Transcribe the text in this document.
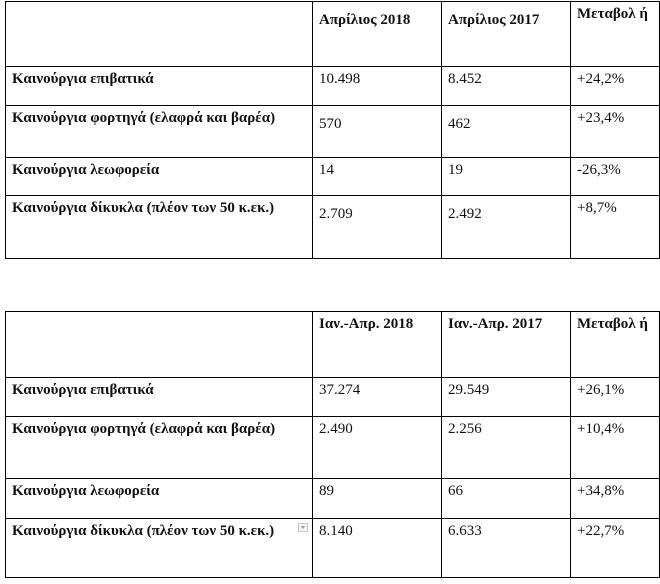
	Απρίλιος 2018	Απρίλιος 2017	Μεταβολ ή
Καινούργια επιβατικά	10.498	8.452	+24,2%
Καινούργια φορτηγά (ελαφρά και βαρέα)	570	462	+23,4%
Καινούργια λεωφορεία	14	19	-26,3%
Καινούργια δίκυκλα (πλέον των 50 κ.εκ.)	2.709	2.492	+8,7%
	Ιαν.-Απρ. 2018	Ιαν.-Απρ. 2017	Μεταβολ ή
Καινούργια επιβατικά	37.274	29.549	+26,1%
Καινούργια φορτηγά (ελαφρά και βαρέα)	2.490	2.256	+10,4%
Καινούργια λεωφορεία	89	66	+34,8%
Καινούργια δίκυκλα (πλέον των 50 κ.εκ.)	8.140	6.633	+22,7%
